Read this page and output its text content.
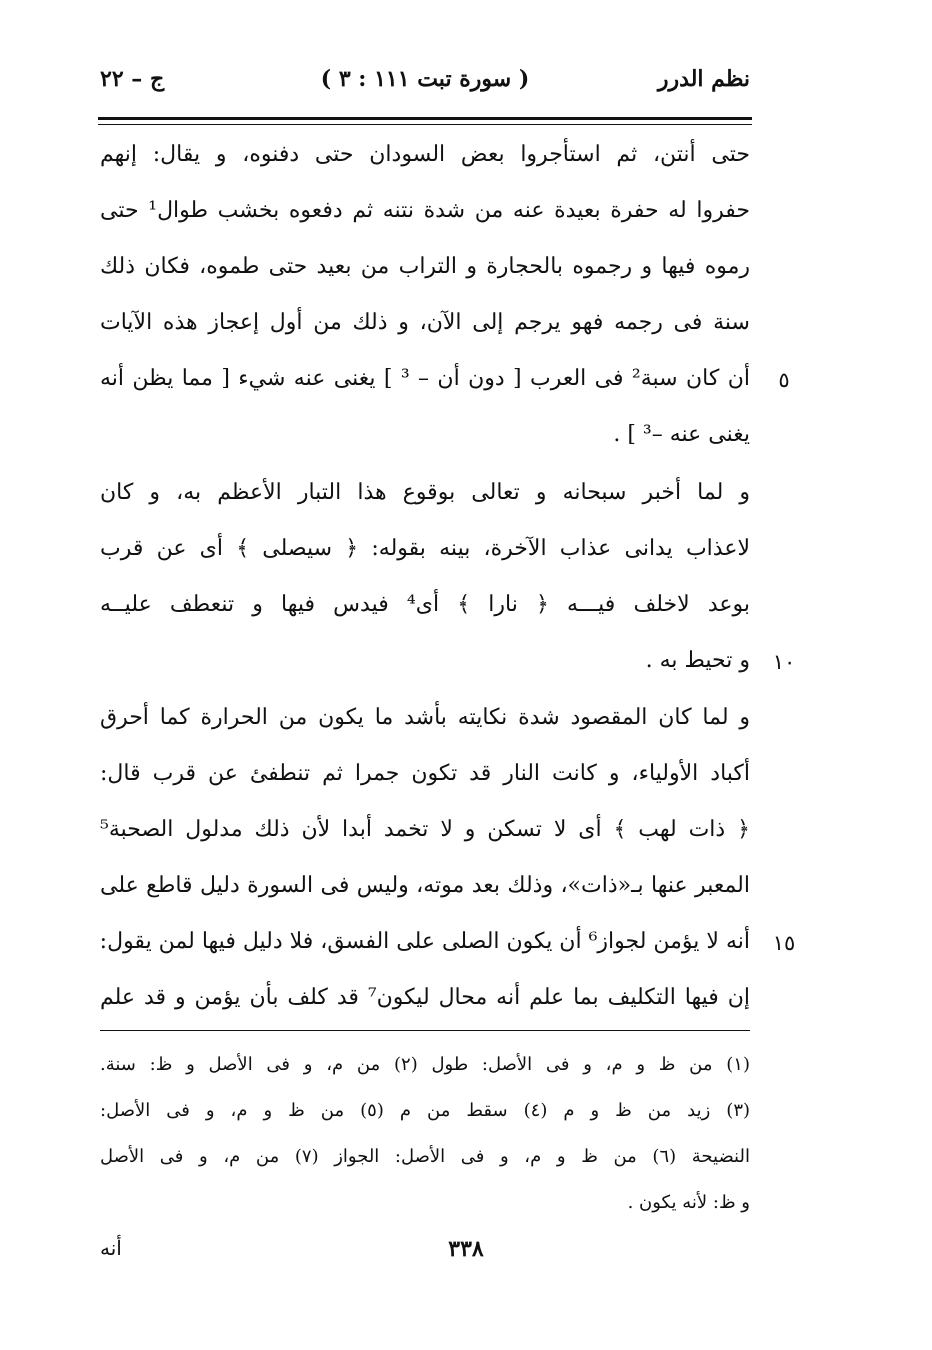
نظم الدرر
( سورة تبت ١١١ : ٣ )
ج – ٢٢
حتى أنتن، ثم استأجروا بعض السودان حتى دفنوه، و يقال: إنهم
حفروا له حفرة بعيدة عنه من شدة نتنه ثم دفعوه بخشب طوال¹ حتى
رموه فيها و رجموه بالحجارة و التراب من بعيد حتى طموه، فكان ذلك
سنة فى رجمه فهو يرجم إلى الآن، و ذلك من أول إعجاز هذه الآيات
أن كان سبة² فى العرب [ دون أن – ³ ] يغنى عنه شيء [ مما يظن أنه	٥
يغنى عنه –³ ] .
و لما أخبر سبحانه و تعالى بوقوع هذا التبار الأعظم به، و كان
لاعذاب يدانى عذاب الآخرة، بينه بقوله: ﴿ سيصلى ﴾ أى عن قرب
بوعد لاخلف فيـــه ﴿ نارا ﴾ أى⁴ فيدس فيها و تنعطف عليــه
و تحيط به .	١٠
و لما كان المقصود شدة نكايته بأشد ما يكون من الحرارة كما أحرق
أكباد الأولياء، و كانت النار قد تكون جمرا ثم تنطفئ عن قرب قال:
﴿ ذات لهب ﴾ أى لا تسكن و لا تخمد أبدا لأن ذلك مدلول الصحبة⁵
المعبر عنها بـ«ذات»، وذلك بعد موته، وليس فى السورة دليل قاطع على
أنه لا يؤمن لجواز⁶ أن يكون الصلى على الفسق، فلا دليل فيها لمن يقول:	١٥
إن فيها التكليف بما علم أنه محال ليكون⁷ قد كلف بأن يؤمن و قد علم
(١) من ظ و م، و فى الأصل: طول (٢) من م، و فى الأصل و ظ: سنة.
(٣) زيد من ظ و م (٤) سقط من م (٥) من ظ و م، و فى الأصل:
النضيحة (٦) من ظ و م، و فى الأصل: الجواز (٧) من م، و فى الأصل
و ظ: لأنه يكون .
٣٣٨
أنه
